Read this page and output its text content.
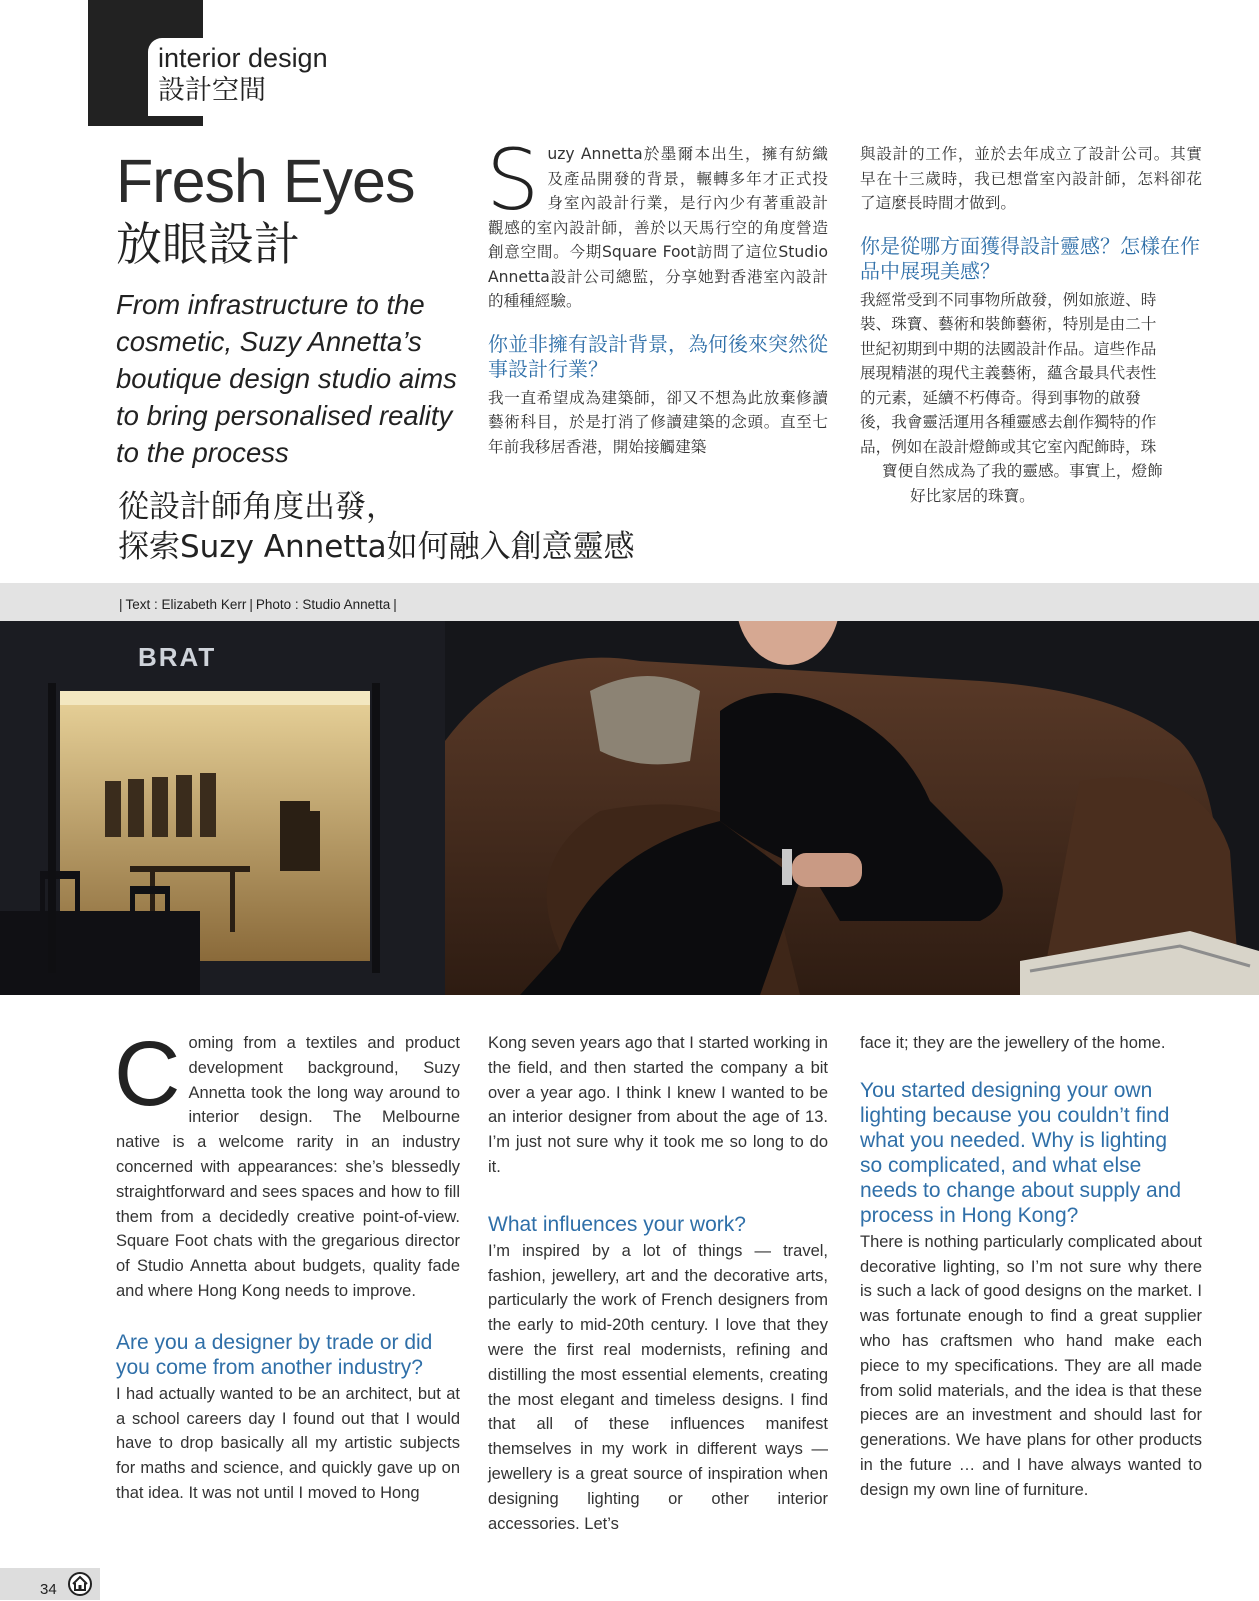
interior design
設計空間
Fresh Eyes
放眼設計
From infrastructure to the cosmetic, Suzy Annetta’s boutique design studio aims to bring personalised reality to the process
從設計師角度出發，
探索Suzy Annetta如何融入創意靈感
Suzy Annetta於墨爾本出生，擁有紡織及產品開發的背景，輾轉多年才正式投身室內設計行業，是行內少有著重設計觀感的室內設計師，善於以天馬行空的角度營造創意空間。今期Square Foot訪問了這位Studio Annetta設計公司總監，分享她對香港室內設計的種種經驗。
你並非擁有設計背景，為何後來突然從事設計行業？
我一直希望成為建築師，卻又不想為此放棄修讀藝術科目，於是打消了修讀建築的念頭。直至七年前我移居香港，開始接觸建築
與設計的工作，並於去年成立了設計公司。其實早在十三歲時，我已想當室內設計師，怎料卻花了這麼長時間才做到。
你是從哪方面獲得設計靈感？怎樣在作品中展現美感？
我經常受到不同事物所啟發，例如旅遊、時
裝、珠寶、藝術和裝飾藝術，特別是由二十
世紀初期到中期的法國設計作品。這些作品
展現精湛的現代主義藝術，蘊含最具代表性
的元素，延續不朽傳奇。得到事物的啟發
後，我會靈活運用各種靈感去創作獨特的作
品，例如在設計燈飾或其它室內配飾時，珠
寶便自然成為了我的靈感。事實上，燈飾
好比家居的珠寶。
| Text : Elizabeth Kerr | Photo : Studio Annetta |
BRAT
Coming from a textiles and product development background, Suzy Annetta took the long way around to interior design. The Melbourne native is a welcome rarity in an industry concerned with appearances: she’s blessedly straightforward and sees spaces and how to fill them from a decidedly creative point-of-view. Square Foot chats with the gregarious director of Studio Annetta about budgets, quality fade and where Hong Kong needs to improve.
Are you a designer by trade or did you come from another industry?
I had actually wanted to be an architect, but at a school careers day I found out that I would have to drop basically all my artistic subjects for maths and science, and quickly gave up on that idea. It was not until I moved to Hong
Kong seven years ago that I started working in the field, and then started the company a bit over a year ago. I think I knew I wanted to be an interior designer from about the age of 13. I’m just not sure why it took me so long to do it.
What influences your work?
I’m inspired by a lot of things — travel, fashion, jewellery, art and the decorative arts, particularly the work of French designers from the early to mid-20th century. I love that they were the first real modernists, refining and distilling the most essential elements, creating the most elegant and timeless designs. I find that all of these influences manifest themselves in my work in different ways — jewellery is a great source of inspiration when designing lighting or other interior accessories. Let’s
face it; they are the jewellery of the home.
You started designing your own lighting because you couldn’t find what you needed. Why is lighting so complicated, and what else needs to change about supply and process in Hong Kong?
There is nothing particularly complicated about decorative lighting, so I’m not sure why there is such a lack of good designs on the market. I was fortunate enough to find a great supplier who has craftsmen who hand make each piece to my specifications. They are all made from solid materials, and the idea is that these pieces are an investment and should last for generations. We have plans for other products in the future … and I have always wanted to design my own line of furniture.
34
